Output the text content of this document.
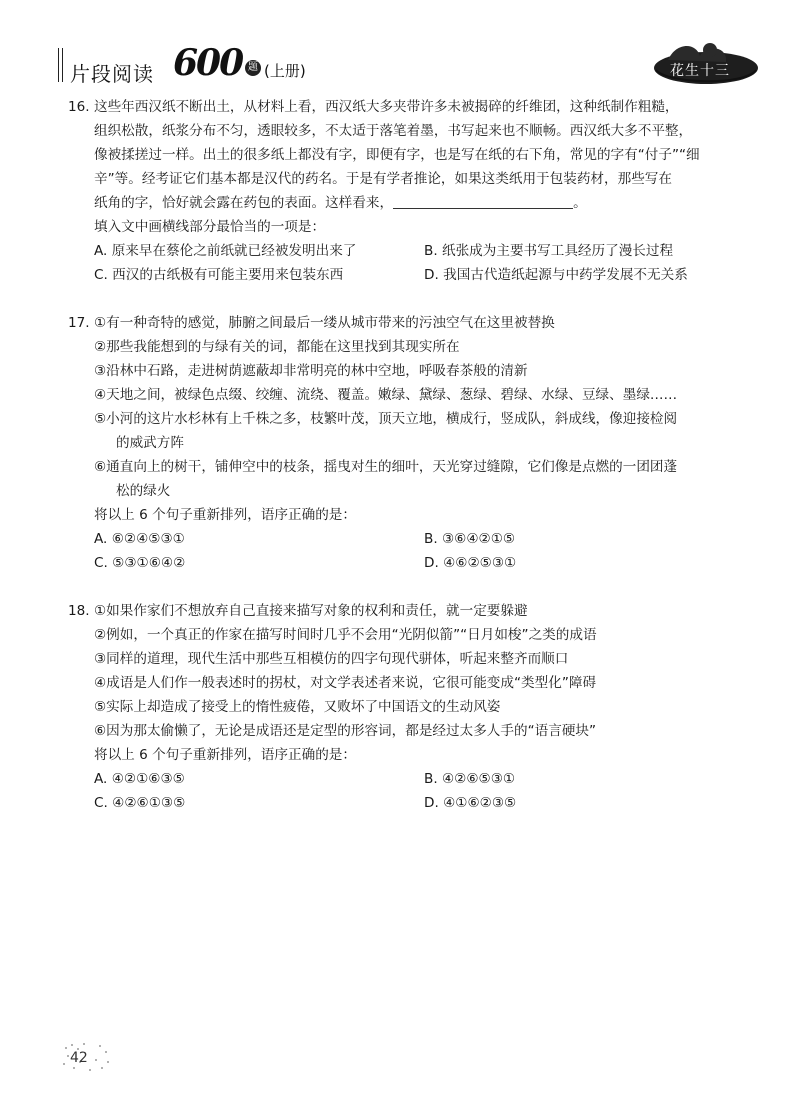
片段阅读 600 题 (上册)	花生十三
16. 这些年西汉纸不断出土，从材料上看，西汉纸大多夹带许多未被揭碎的纤维团，这种纸制作粗糙，
组织松散，纸浆分布不匀，透眼较多，不太适于落笔着墨，书写起来也不顺畅。西汉纸大多不平整，
像被揉搓过一样。出土的很多纸上都没有字，即便有字，也是写在纸的右下角，常见的字有“付子”“细
辛”等。经考证它们基本都是汉代的药名。于是有学者推论，如果这类纸用于包装药材，那些写在
纸角的字，恰好就会露在药包的表面。这样看来，	。
填入文中画横线部分最恰当的一项是：
A. 原来早在蔡伦之前纸就已经被发明出来了	B. 纸张成为主要书写工具经历了漫长过程
C. 西汉的古纸极有可能主要用来包装东西	D. 我国古代造纸起源与中药学发展不无关系
17. ①有一种奇特的感觉，肺腑之间最后一缕从城市带来的污浊空气在这里被替换
②那些我能想到的与绿有关的词，都能在这里找到其现实所在
③沿林中石路，走进树荫遮蔽却非常明亮的林中空地，呼吸春茶般的清新
④天地之间，被绿色点缀、绞缠、流绕、覆盖。嫩绿、黛绿、葱绿、碧绿、水绿、豆绿、墨绿……
⑤小河的这片水杉林有上千株之多，枝繁叶茂，顶天立地，横成行，竖成队，斜成线，像迎接检阅
的威武方阵
⑥通直向上的树干，铺伸空中的枝条，摇曳对生的细叶，天光穿过缝隙，它们像是点燃的一团团蓬
松的绿火
将以上 6 个句子重新排列，语序正确的是：
A. ⑥②④⑤③①	B. ③⑥④②①⑤
C. ⑤③①⑥④②	D. ④⑥②⑤③①
18. ①如果作家们不想放弃自己直接来描写对象的权利和责任，就一定要躲避
②例如，一个真正的作家在描写时间时几乎不会用“光阴似箭”“日月如梭”之类的成语
③同样的道理，现代生活中那些互相模仿的四字句现代骈体，听起来整齐而顺口
④成语是人们作一般表述时的拐杖，对文学表述者来说，它很可能变成“类型化”障碍
⑤实际上却造成了接受上的惰性疲倦，又败坏了中国语文的生动风姿
⑥因为那太偷懒了，无论是成语还是定型的形容词，都是经过太多人手的“语言硬块”
将以上 6 个句子重新排列，语序正确的是：
A. ④②①⑥③⑤	B. ④②⑥⑤③①
C. ④②⑥①③⑤	D. ④①⑥②③⑤
42
